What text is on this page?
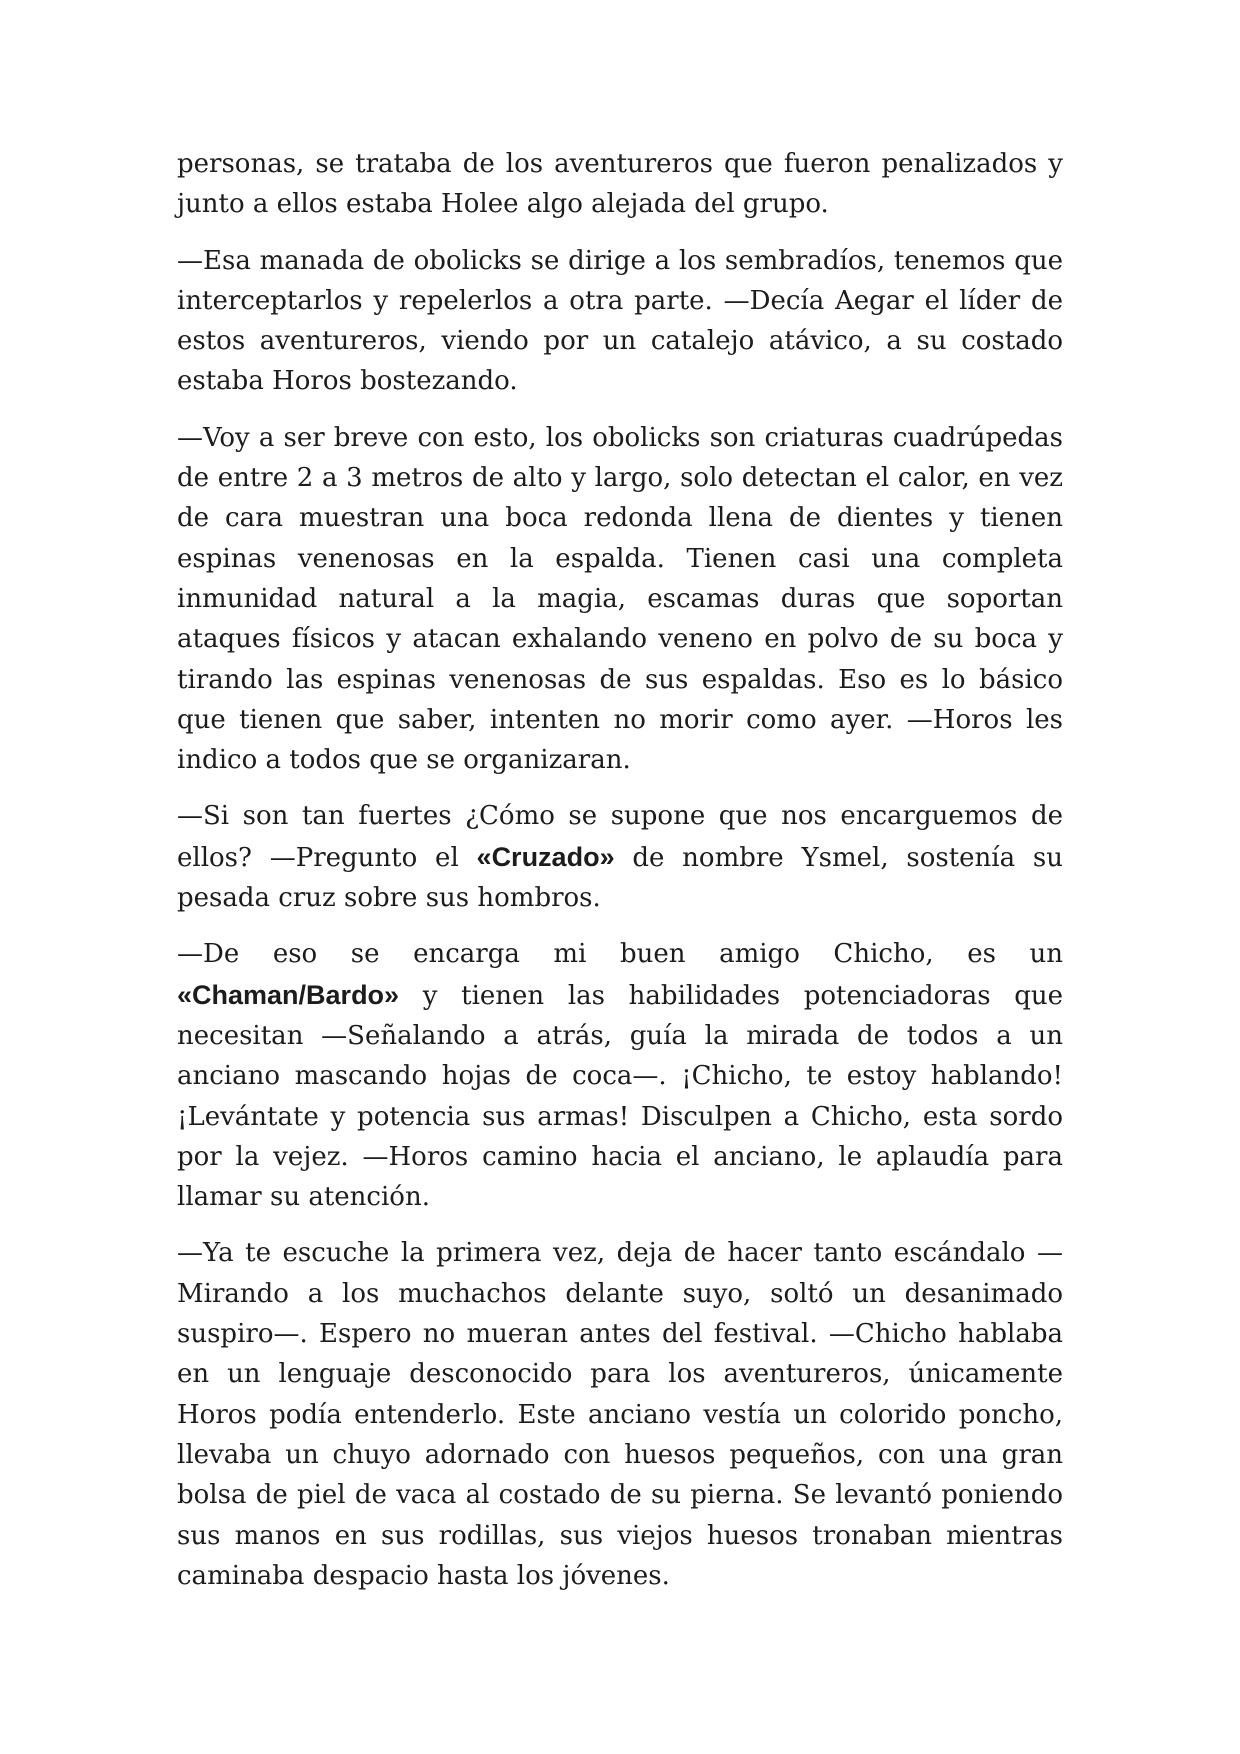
personas, se trataba de los aventureros que fueron penalizados y junto a ellos estaba Holee algo alejada del grupo.

—Esa manada de obolicks se dirige a los sembradíos, tenemos que interceptarlos y repelerlos a otra parte. —Decía Aegar el líder de estos aventureros, viendo por un catalejo atávico, a su costado estaba Horos bostezando.

—Voy a ser breve con esto, los obolicks son criaturas cuadrúpedas de entre 2 a 3 metros de alto y largo, solo detectan el calor, en vez de cara muestran una boca redonda llena de dientes y tienen espinas venenosas en la espalda. Tienen casi una completa inmunidad natural a la magia, escamas duras que soportan ataques físicos y atacan exhalando veneno en polvo de su boca y tirando las espinas venenosas de sus espaldas. Eso es lo básico que tienen que saber, intenten no morir como ayer. —Horos les indico a todos que se organizaran.

—Si son tan fuertes ¿Cómo se supone que nos encarguemos de ellos? —Pregunto el «Cruzado» de nombre Ysmel, sostenía su pesada cruz sobre sus hombros.

—De eso se encarga mi buen amigo Chicho, es un «Chaman/Bardo» y tienen las habilidades potenciadoras que necesitan —Señalando a atrás, guía la mirada de todos a un anciano mascando hojas de coca—. ¡Chicho, te estoy hablando! ¡Levántate y potencia sus armas! Disculpen a Chicho, esta sordo por la vejez. —Horos camino hacia el anciano, le aplaudía para llamar su atención.

—Ya te escuche la primera vez, deja de hacer tanto escándalo —Mirando a los muchachos delante suyo, soltó un desanimado suspiro—. Espero no mueran antes del festival. —Chicho hablaba en un lenguaje desconocido para los aventureros, únicamente Horos podía entenderlo. Este anciano vestía un colorido poncho, llevaba un chuyo adornado con huesos pequeños, con una gran bolsa de piel de vaca al costado de su pierna. Se levantó poniendo sus manos en sus rodillas, sus viejos huesos tronaban mientras caminaba despacio hasta los jóvenes.
